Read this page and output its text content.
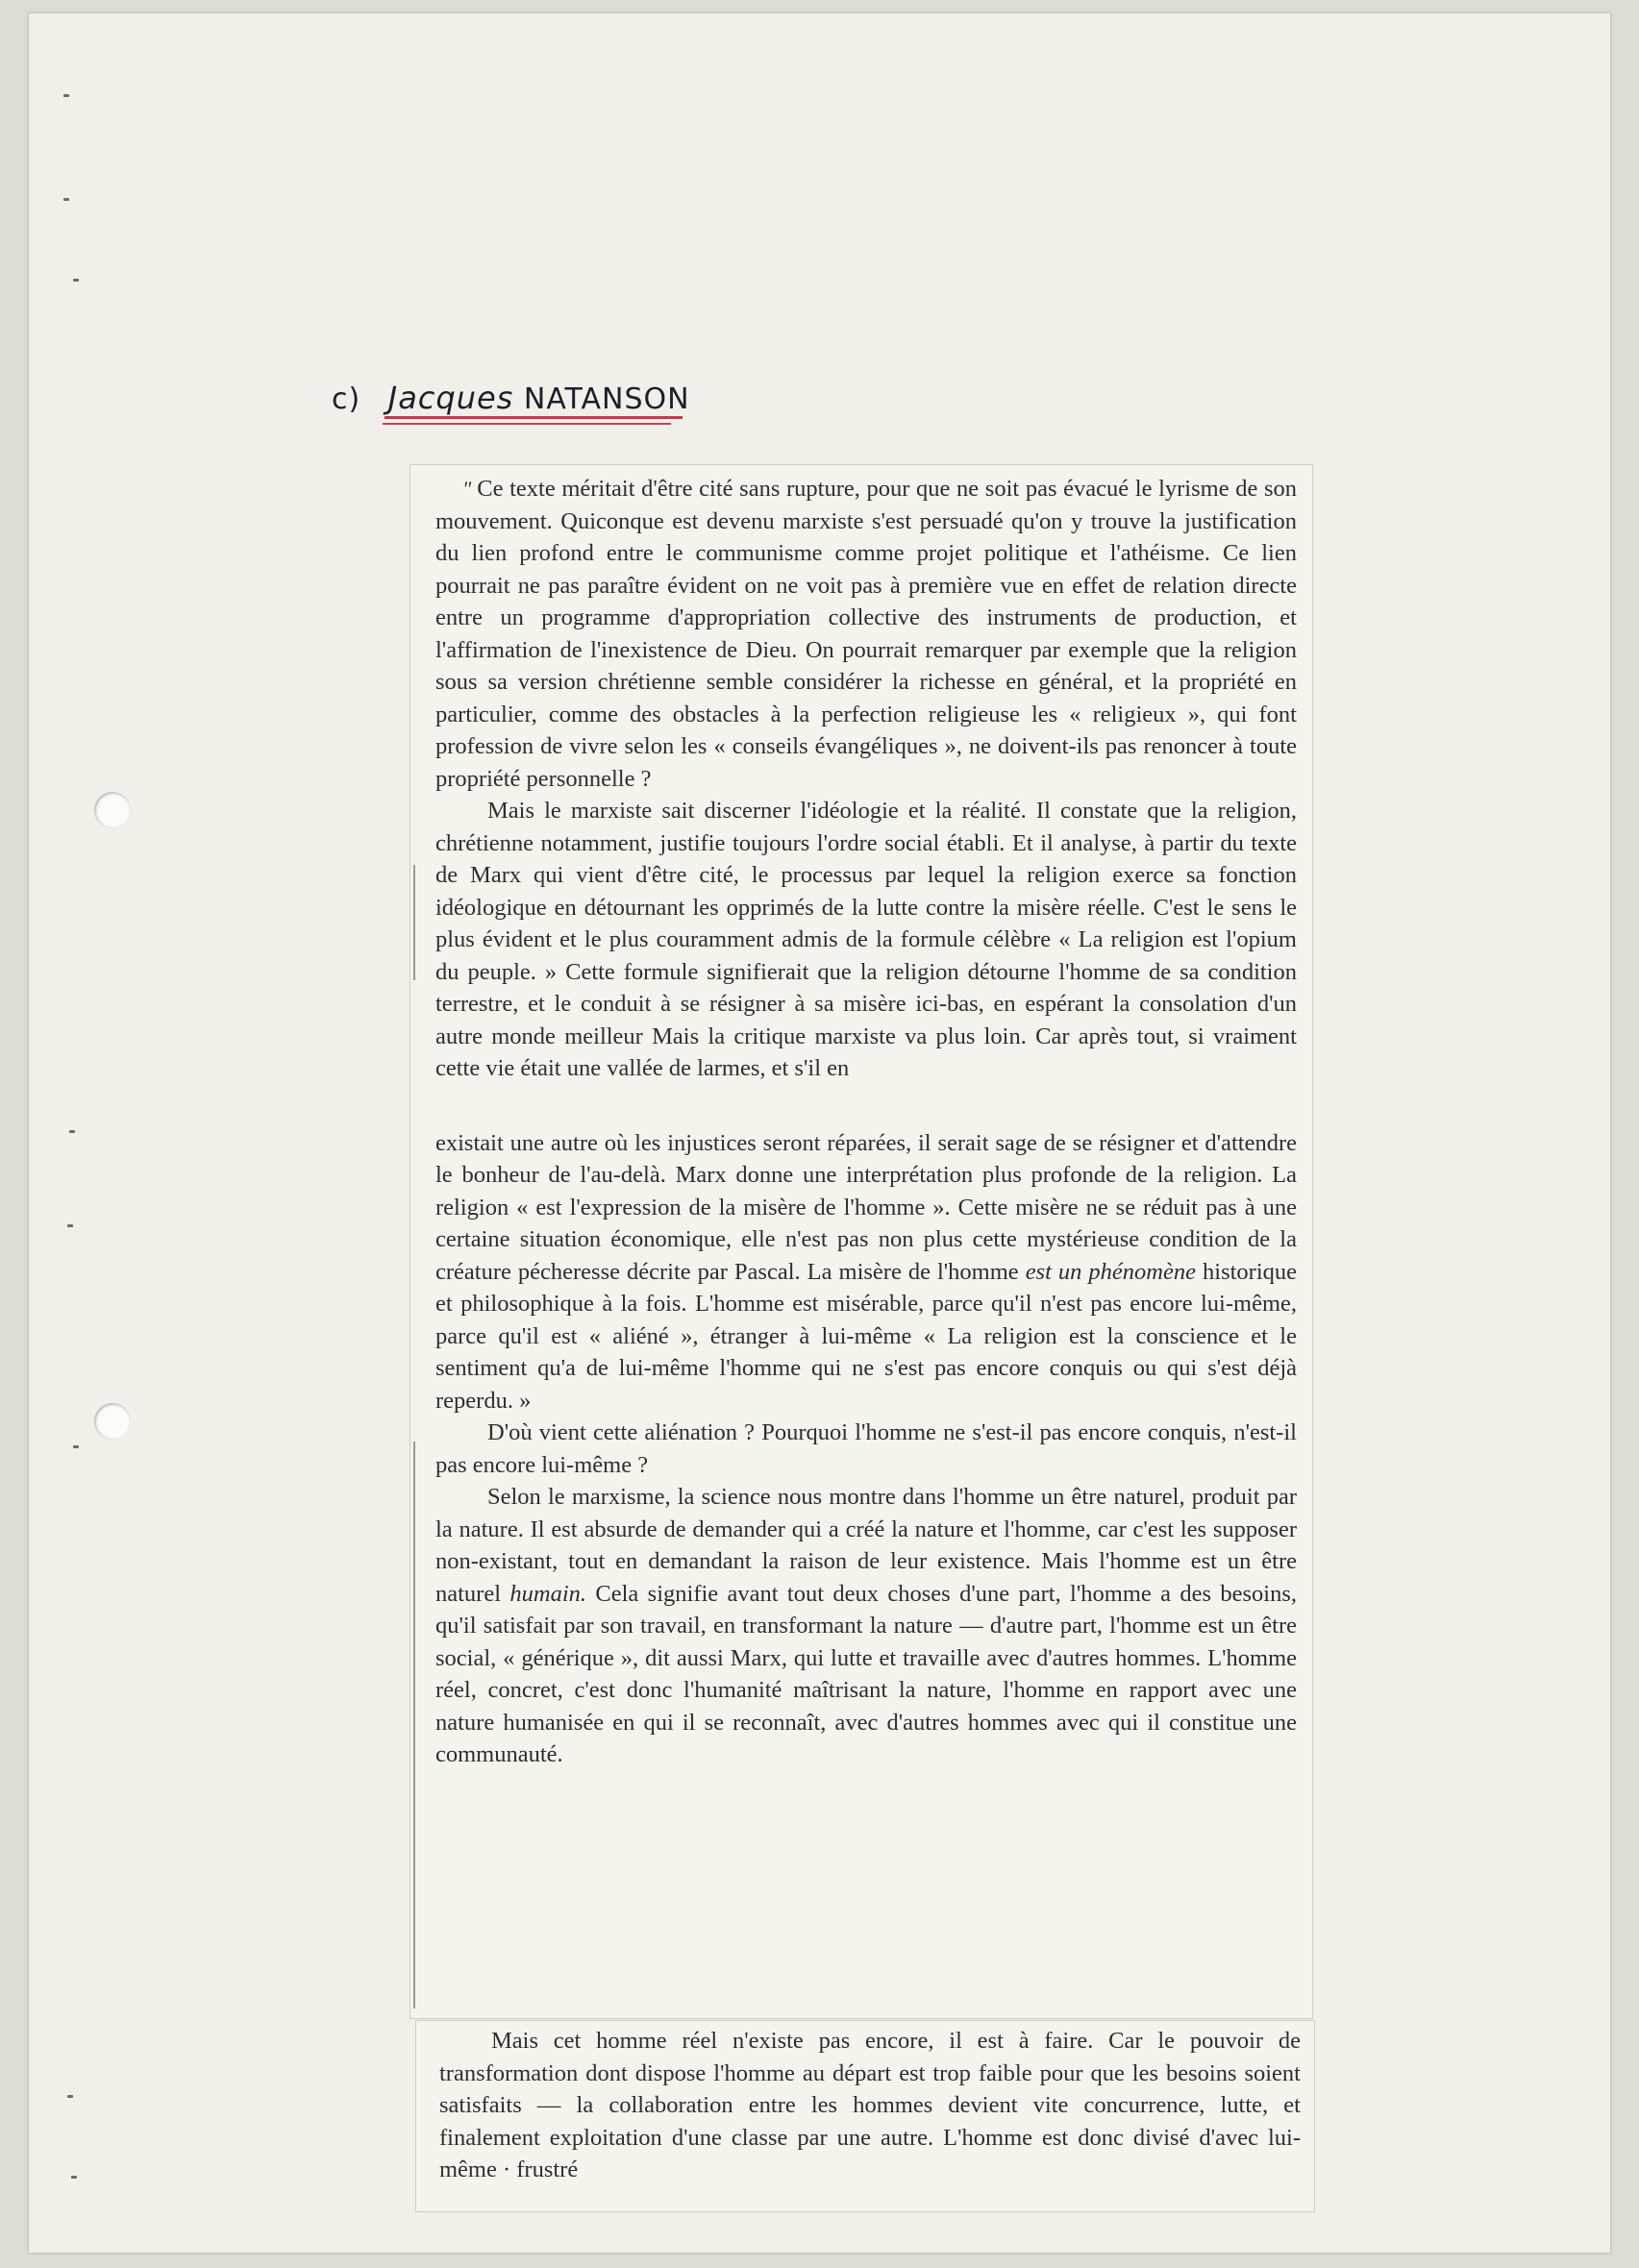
c) Jacques NATANSON

" Ce texte méritait d'être cité sans rupture, pour que ne soit pas évacué le lyrisme de son mouvement. Quiconque est devenu marxiste s'est persuadé qu'on y trouve la justification du lien profond entre le communisme comme projet politique et l'athéisme. Ce lien pourrait ne pas paraître évident on ne voit pas à première vue en effet de relation directe entre un programme d'appropriation collective des instruments de production, et l'affirmation de l'inexistence de Dieu. On pourrait remarquer par exemple que la religion sous sa version chrétienne semble considérer la richesse en général, et la propriété en particulier, comme des obstacles à la perfection religieuse les « religieux », qui font profession de vivre selon les « conseils évangéliques », ne doivent-ils pas renoncer à toute propriété personnelle ?

Mais le marxiste sait discerner l'idéologie et la réalité. Il constate que la religion, chrétienne notamment, justifie toujours l'ordre social établi. Et il analyse, à partir du texte de Marx qui vient d'être cité, le processus par lequel la religion exerce sa fonction idéologique en détournant les opprimés de la lutte contre la misère réelle. C'est le sens le plus évident et le plus couramment admis de la formule célèbre « La religion est l'opium du peuple. » Cette formule signifierait que la religion détourne l'homme de sa condition terrestre, et le conduit à se résigner à sa misère ici-bas, en espérant la consolation d'un autre monde meilleur Mais la critique marxiste va plus loin. Car après tout, si vraiment cette vie était une vallée de larmes, et s'il en

existait une autre où les injustices seront réparées, il serait sage de se résigner et d'attendre le bonheur de l'au-delà. Marx donne une interprétation plus profonde de la religion. La religion « est l'expression de la misère de l'homme ». Cette misère ne se réduit pas à une certaine situation économique, elle n'est pas non plus cette mystérieuse condition de la créature pécheresse décrite par Pascal. La misère de l'homme est un phénomène historique et philosophique à la fois. L'homme est misérable, parce qu'il n'est pas encore lui-même, parce qu'il est « aliéné », étranger à lui-même « La religion est la conscience et le sentiment qu'a de lui-même l'homme qui ne s'est pas encore conquis ou qui s'est déjà reperdu. »

D'où vient cette aliénation ? Pourquoi l'homme ne s'est-il pas encore conquis, n'est-il pas encore lui-même ?

Selon le marxisme, la science nous montre dans l'homme un être naturel, produit par la nature. Il est absurde de demander qui a créé la nature et l'homme, car c'est les supposer non-existant, tout en demandant la raison de leur existence. Mais l'homme est un être naturel humain. Cela signifie avant tout deux choses d'une part, l'homme a des besoins, qu'il satisfait par son travail, en transformant la nature — d'autre part, l'homme est un être social, « générique », dit aussi Marx, qui lutte et travaille avec d'autres hommes. L'homme réel, concret, c'est donc l'humanité maîtrisant la nature, l'homme en rapport avec une nature humanisée en qui il se reconnaît, avec d'autres hommes avec qui il constitue une communauté.

Mais cet homme réel n'existe pas encore, il est à faire. Car le pouvoir de transformation dont dispose l'homme au départ est trop faible pour que les besoins soient satisfaits — la collaboration entre les hommes devient vite concurrence, lutte, et finalement exploitation d'une classe par une autre. L'homme est donc divisé d'avec lui-même · frustré
